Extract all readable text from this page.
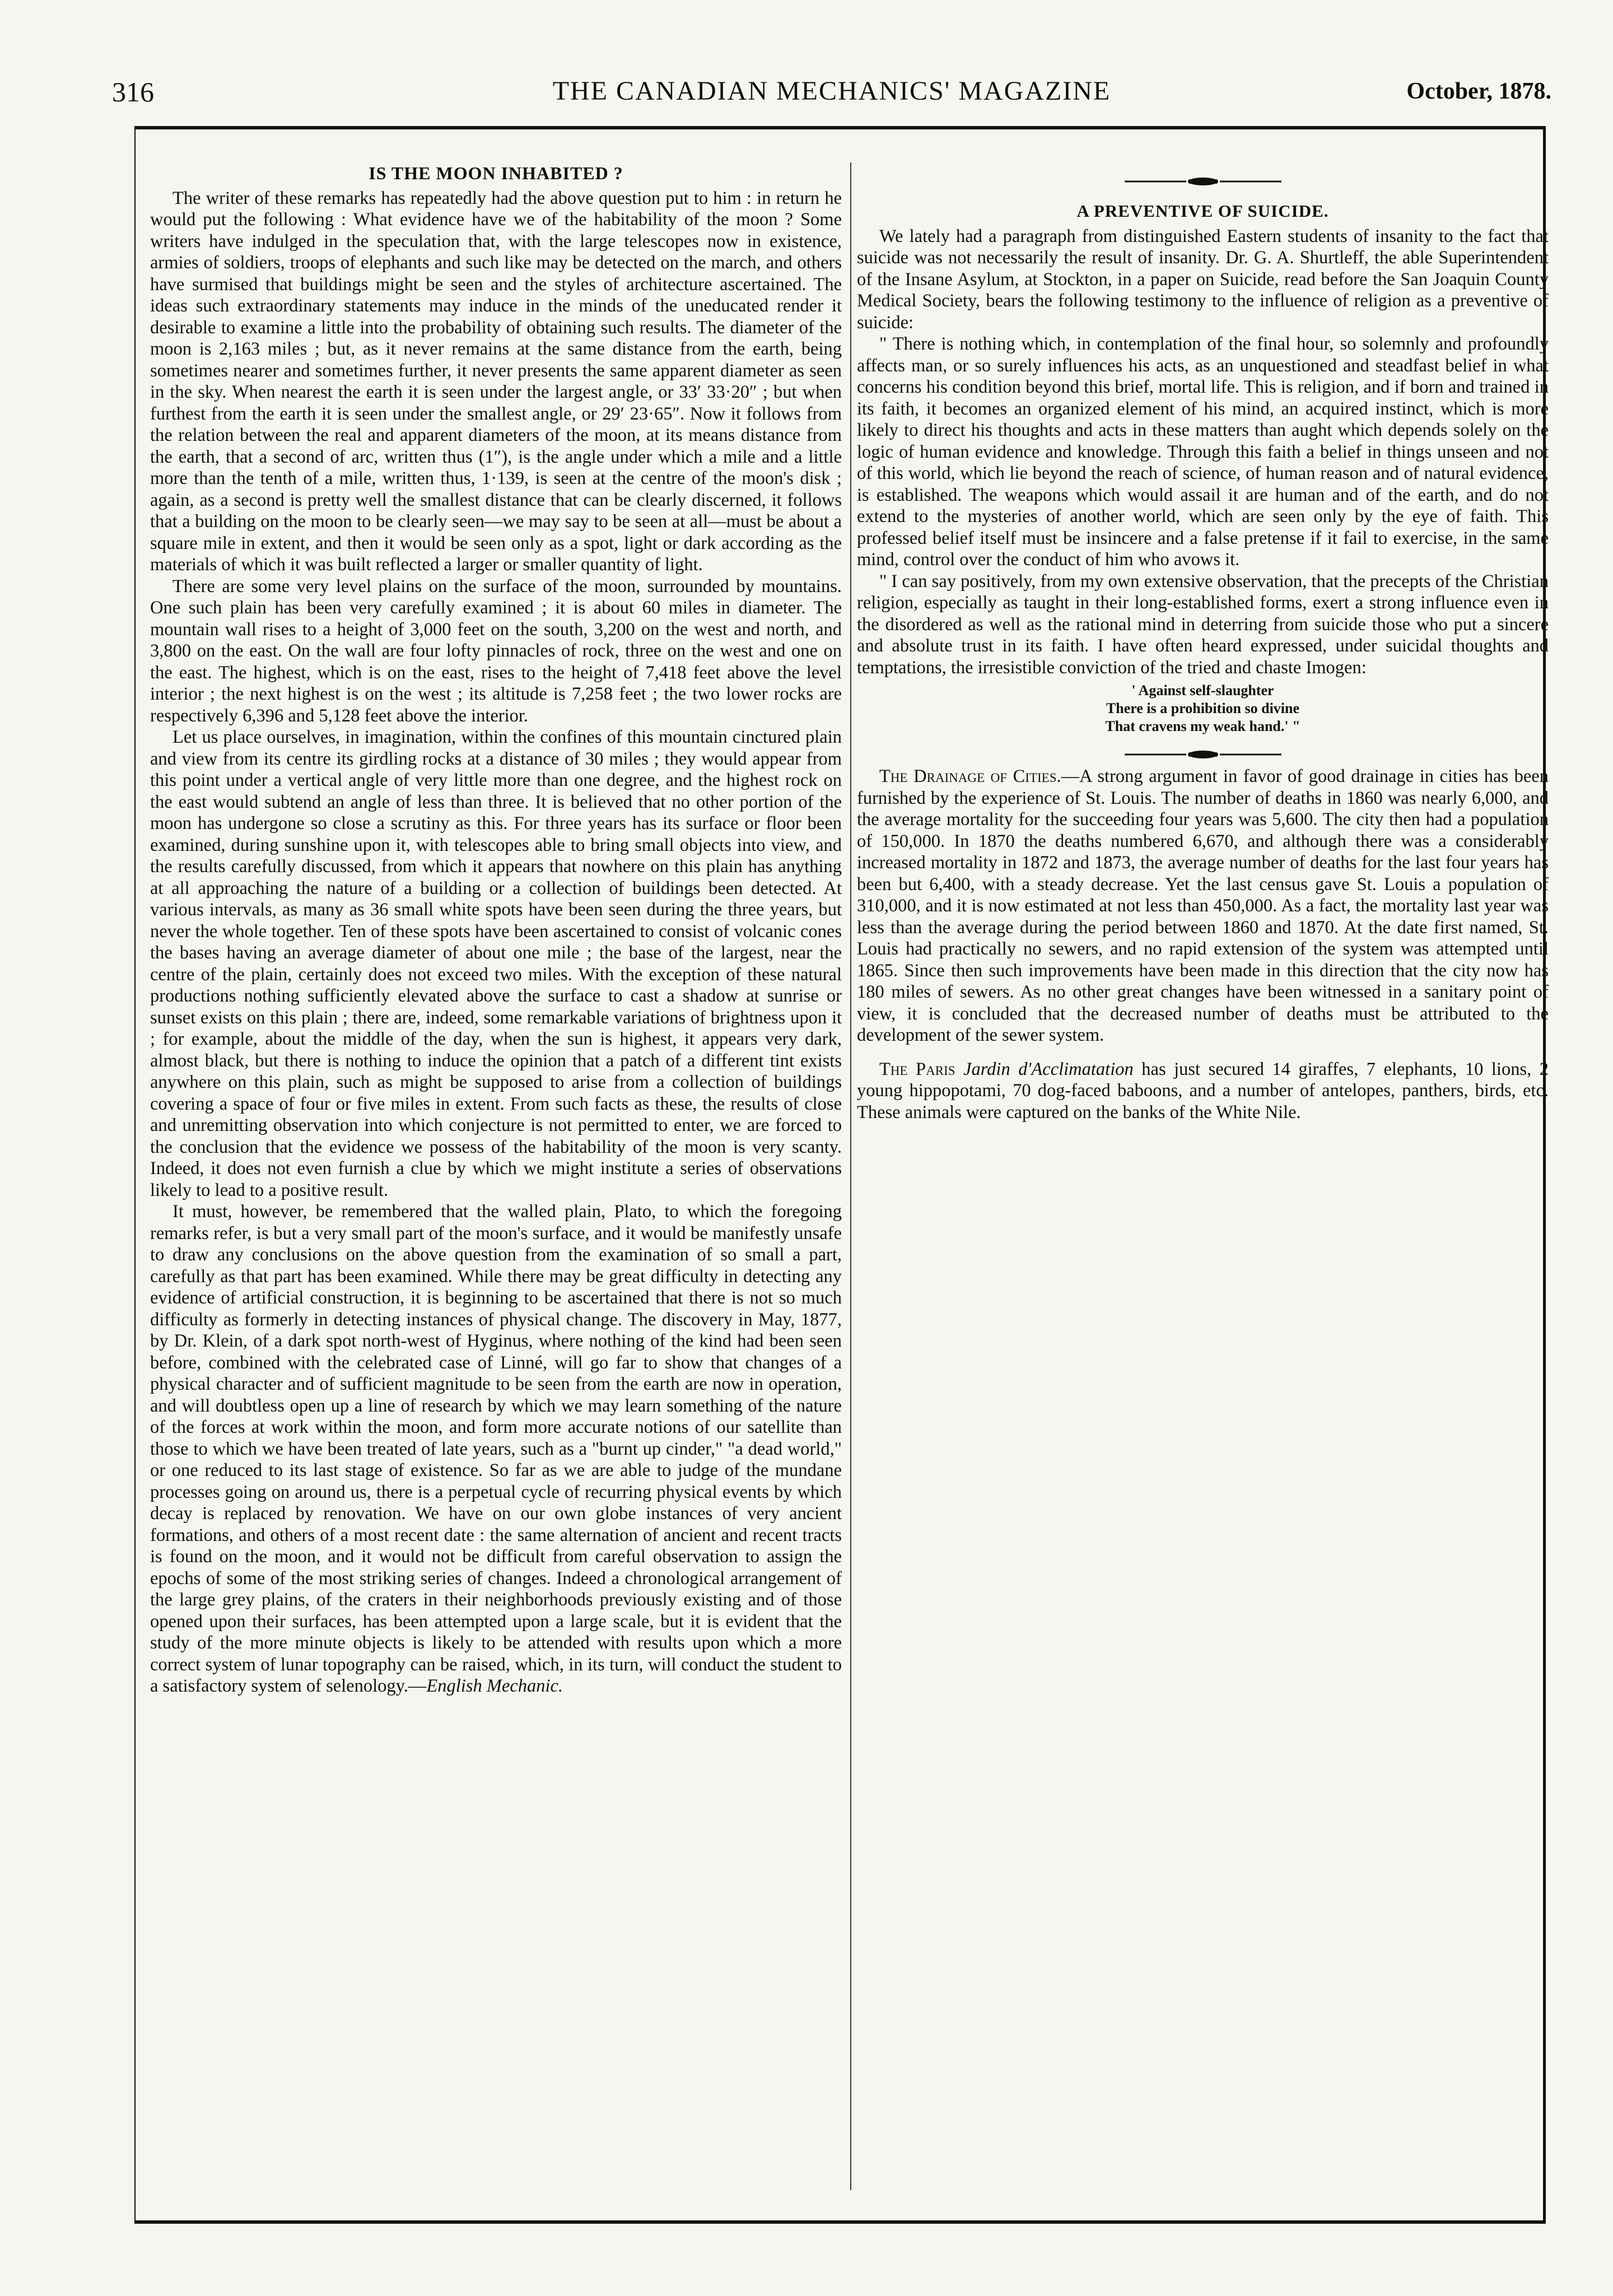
316	THE CANADIAN MECHANICS' MAGAZINE	October, 1878.
IS THE MOON INHABITED ?

The writer of these remarks has repeatedly had the above question put to him : in return he would put the following : What evidence have we of the habitability of the moon ? Some writers have indulged in the speculation that, with the large telescopes now in existence, armies of soldiers, troops of elephants and such like may be detected on the march, and others have surmised that buildings might be seen and the styles of architecture ascertained. The ideas such extraordinary statements may induce in the minds of the uneducated render it desirable to examine a little into the probability of obtaining such results. The diameter of the moon is 2,163 miles ; but, as it never remains at the same distance from the earth, being sometimes nearer and sometimes further, it never presents the same apparent diameter as seen in the sky. When nearest the earth it is seen under the largest angle, or 33′ 33·20″ ; but when furthest from the earth it is seen under the smallest angle, or 29′ 23·65″. Now it follows from the relation between the real and apparent diameters of the moon, at its means distance from the earth, that a second of arc, written thus (1″), is the angle under which a mile and a little more than the tenth of a mile, written thus, 1·139, is seen at the centre of the moon's disk ; again, as a second is pretty well the smallest distance that can be clearly discerned, it follows that a building on the moon to be clearly seen—we may say to be seen at all—must be about a square mile in extent, and then it would be seen only as a spot, light or dark according as the materials of which it was built reflected a larger or smaller quantity of light.

There are some very level plains on the surface of the moon, surrounded by mountains. One such plain has been very carefully examined ; it is about 60 miles in diameter. The mountain wall rises to a height of 3,000 feet on the south, 3,200 on the west and north, and 3,800 on the east. On the wall are four lofty pinnacles of rock, three on the west and one on the east. The highest, which is on the east, rises to the height of 7,418 feet above the level interior ; the next highest is on the west ; its altitude is 7,258 feet ; the two lower rocks are respectively 6,396 and 5,128 feet above the interior.

Let us place ourselves, in imagination, within the confines of this mountain cinctured plain and view from its centre its girdling rocks at a distance of 30 miles ; they would appear from this point under a vertical angle of very little more than one degree, and the highest rock on the east would subtend an angle of less than three. It is believed that no other portion of the moon has undergone so close a scrutiny as this. For three years has its surface or floor been examined, during sunshine upon it, with telescopes able to bring small objects into view, and the results carefully discussed, from which it appears that nowhere on this plain has anything at all approaching the nature of a building or a collection of buildings been detected. At various intervals, as many as 36 small white spots have been seen during the three years, but never the whole together. Ten of these spots have been ascertained to consist of volcanic cones the bases having an average diameter of about one mile ; the base of the largest, near the centre of the plain, certainly does not exceed two miles. With the exception of these natural productions nothing sufficiently elevated above the surface to cast a shadow at sunrise or sunset exists on this plain ; there are, indeed, some remarkable variations of brightness upon it ; for example, about the middle of the day, when the sun is highest, it appears very dark, almost black, but there is nothing to induce the opinion that a patch of a different tint exists anywhere on this plain, such as might be supposed to arise from a collection of buildings covering a space of four or five miles in extent. From such facts as these, the results of close and unremitting observation into which conjecture is not permitted to enter, we are forced to the conclusion that the evidence we possess of the habitability of the moon is very scanty. Indeed, it does not even furnish a clue by which we might institute a series of observations likely to lead to a positive result.

It must, however, be remembered that the walled plain, Plato, to which the foregoing remarks refer, is but a very small part of the moon's surface, and it would be manifestly unsafe to draw any conclusions on the above question from the examination of so small a part, carefully as that part has been examined. While there may be great difficulty in detecting any evidence of artificial construction, it is beginning to be ascertained that there is not so much difficulty as formerly in detecting instances of physical change. The discovery in May, 1877, by Dr. Klein, of a dark spot north-west of Hyginus, where nothing of the kind had been seen before, combined with the celebrated case of Linné, will go far to show that changes of a physical character and of sufficient magnitude to be seen from the earth are now in operation, and will doubtless open up a line of research by which we may learn something of the nature of the forces at work within the moon, and form more accurate notions of our satellite than those to which we have been treated of late years, such as a "burnt up cinder," "a dead world," or one reduced to its last stage of existence. So far as we are able to judge of the mundane processes going on around us, there is a perpetual cycle of recurring physical events by which decay is replaced by renovation. We have on our own globe instances of very ancient formations, and others of a most recent date : the same alternation of ancient and recent tracts is found on the moon, and it would not be difficult from careful observation to assign the epochs of some of the most striking series of changes. Indeed a chronological arrangement of the large grey plains, of the craters in their neighborhoods previously existing and of those opened upon their surfaces, has been attempted upon a large scale, but it is evident that the study of the more minute objects is likely to be attended with results upon which a more correct system of lunar topography can be raised, which, in its turn, will conduct the student to a satisfactory system of selenology.—English Mechanic.

A PREVENTIVE OF SUICIDE.

We lately had a paragraph from distinguished Eastern students of insanity to the fact that suicide was not necessarily the result of insanity. Dr. G. A. Shurtleff, the able Superintendent of the Insane Asylum, at Stockton, in a paper on Suicide, read before the San Joaquin County Medical Society, bears the following testimony to the influence of religion as a preventive of suicide:

" There is nothing which, in contemplation of the final hour, so solemnly and profoundly affects man, or so surely influences his acts, as an unquestioned and steadfast belief in what concerns his condition beyond this brief, mortal life. This is religion, and if born and trained in its faith, it becomes an organized element of his mind, an acquired instinct, which is more likely to direct his thoughts and acts in these matters than aught which depends solely on the logic of human evidence and knowledge. Through this faith a belief in things unseen and not of this world, which lie beyond the reach of science, of human reason and of natural evidence, is established. The weapons which would assail it are human and of the earth, and do not extend to the mysteries of another world, which are seen only by the eye of faith. This professed belief itself must be insincere and a false pretense if it fail to exercise, in the same mind, control over the conduct of him who avows it.

" I can say positively, from my own extensive observation, that the precepts of the Christian religion, especially as taught in their long-established forms, exert a strong influence even in the disordered as well as the rational mind in deterring from suicide those who put a sincere and absolute trust in its faith. I have often heard expressed, under suicidal thoughts and temptations, the irresistible conviction of the tried and chaste Imogen:

' Against self-slaughter
There is a prohibition so divine
That cravens my weak hand.' "

The Drainage of Cities.—A strong argument in favor of good drainage in cities has been furnished by the experience of St. Louis. The number of deaths in 1860 was nearly 6,000, and the average mortality for the succeeding four years was 5,600. The city then had a population of 150,000. In 1870 the deaths numbered 6,670, and although there was a considerably increased mortality in 1872 and 1873, the average number of deaths for the last four years has been but 6,400, with a steady decrease. Yet the last census gave St. Louis a population of 310,000, and it is now estimated at not less than 450,000. As a fact, the mortality last year was less than the average during the period between 1860 and 1870. At the date first named, St. Louis had practically no sewers, and no rapid extension of the system was attempted until 1865. Since then such improvements have been made in this direction that the city now has 180 miles of sewers. As no other great changes have been witnessed in a sanitary point of view, it is concluded that the decreased number of deaths must be attributed to the development of the sewer system.

The Paris Jardin d'Acclimatation has just secured 14 giraffes, 7 elephants, 10 lions, 2 young hippopotami, 70 dog-faced baboons, and a number of antelopes, panthers, birds, etc. These animals were captured on the banks of the White Nile.
